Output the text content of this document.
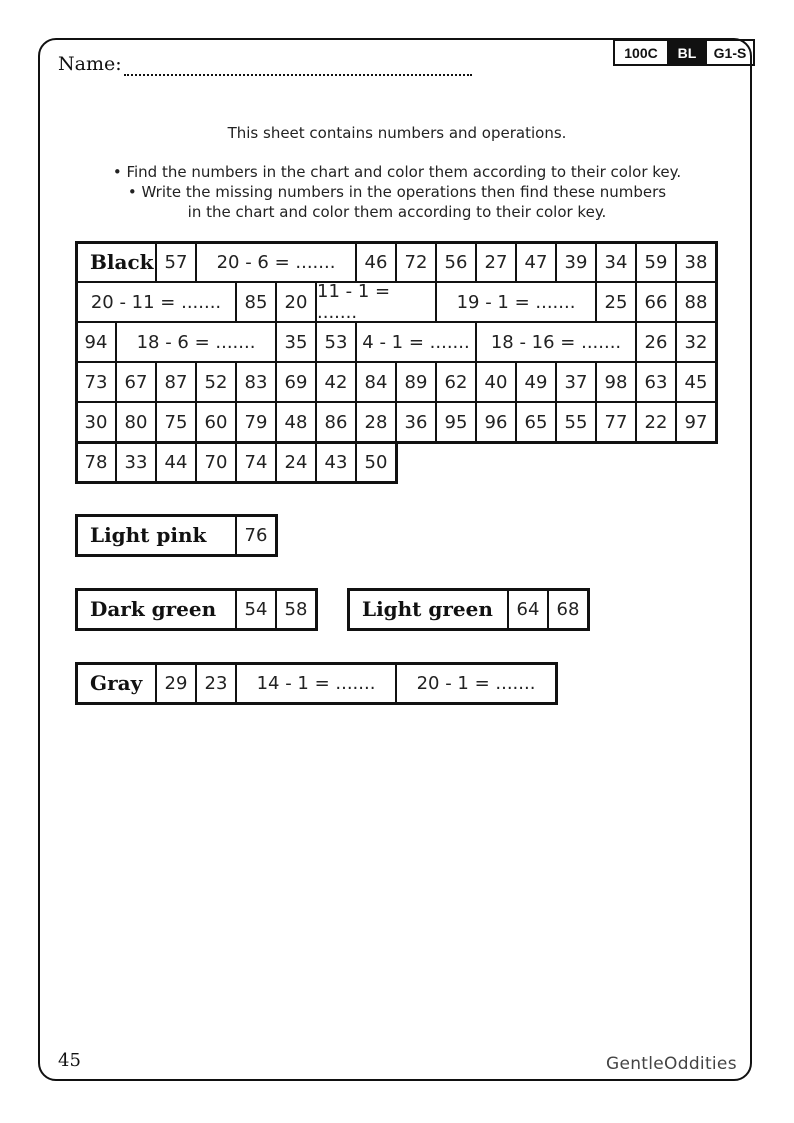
Name:
100C	BL	G1-S
This sheet contains numbers and operations.
• Find the numbers in the chart and color them according to their color key.
• Write the missing numbers in the operations then find these numbers
in the chart and color them according to their color key.
Black 57	20 - 6 = .......	46 72 56 27 47 39 34 59 38
20 - 11 = .......	85 20 11 - 1 = .......	19 - 1 = .......	25 66 88
94	18 - 6 = .......	35 53 4 - 1 = .......	18 - 16 = .......	26 32
73 67 87 52 83 69 42 84 89 62 40 49 37 98 63 45
30 80 75 60 79 48 86 28 36 95 96 65 55 77 22 97
78 33 44 70 74 24 43 50
Light pink	76
Dark green	54 58	Light green	64 68
Gray	29 23	14 - 1 = .......	20 - 1 = .......
45	GentleOddities
